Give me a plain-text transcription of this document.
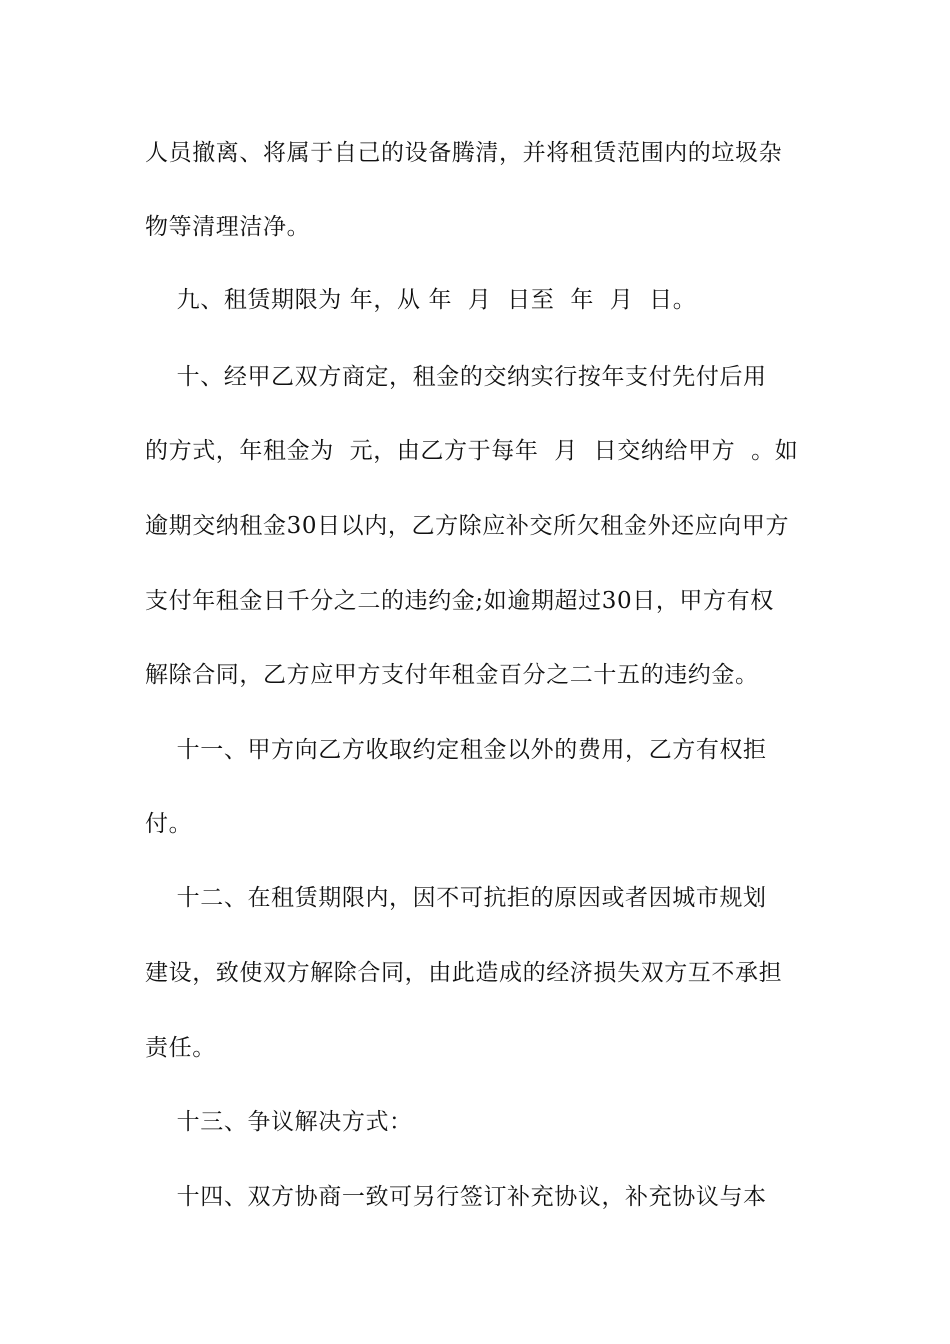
人员撤离、将属于自己的设备腾清，并将租赁范围内的垃圾杂
物等清理洁净。
九、租赁期限为 年，从 年  月  日至  年  月  日。
十、经甲乙双方商定，租金的交纳实行按年支付先付后用
的方式，年租金为  元，由乙方于每年  月  日交纳给甲方  。如
逾期交纳租金30日以内，乙方除应补交所欠租金外还应向甲方
支付年租金日千分之二的违约金;如逾期超过30日，甲方有权
解除合同，乙方应甲方支付年租金百分之二十五的违约金。
十一、甲方向乙方收取约定租金以外的费用，乙方有权拒
付。
十二、在租赁期限内，因不可抗拒的原因或者因城市规划
建设，致使双方解除合同，由此造成的经济损失双方互不承担
责任。
十三、争议解决方式：
十四、双方协商一致可另行签订补充协议，补充协议与本
